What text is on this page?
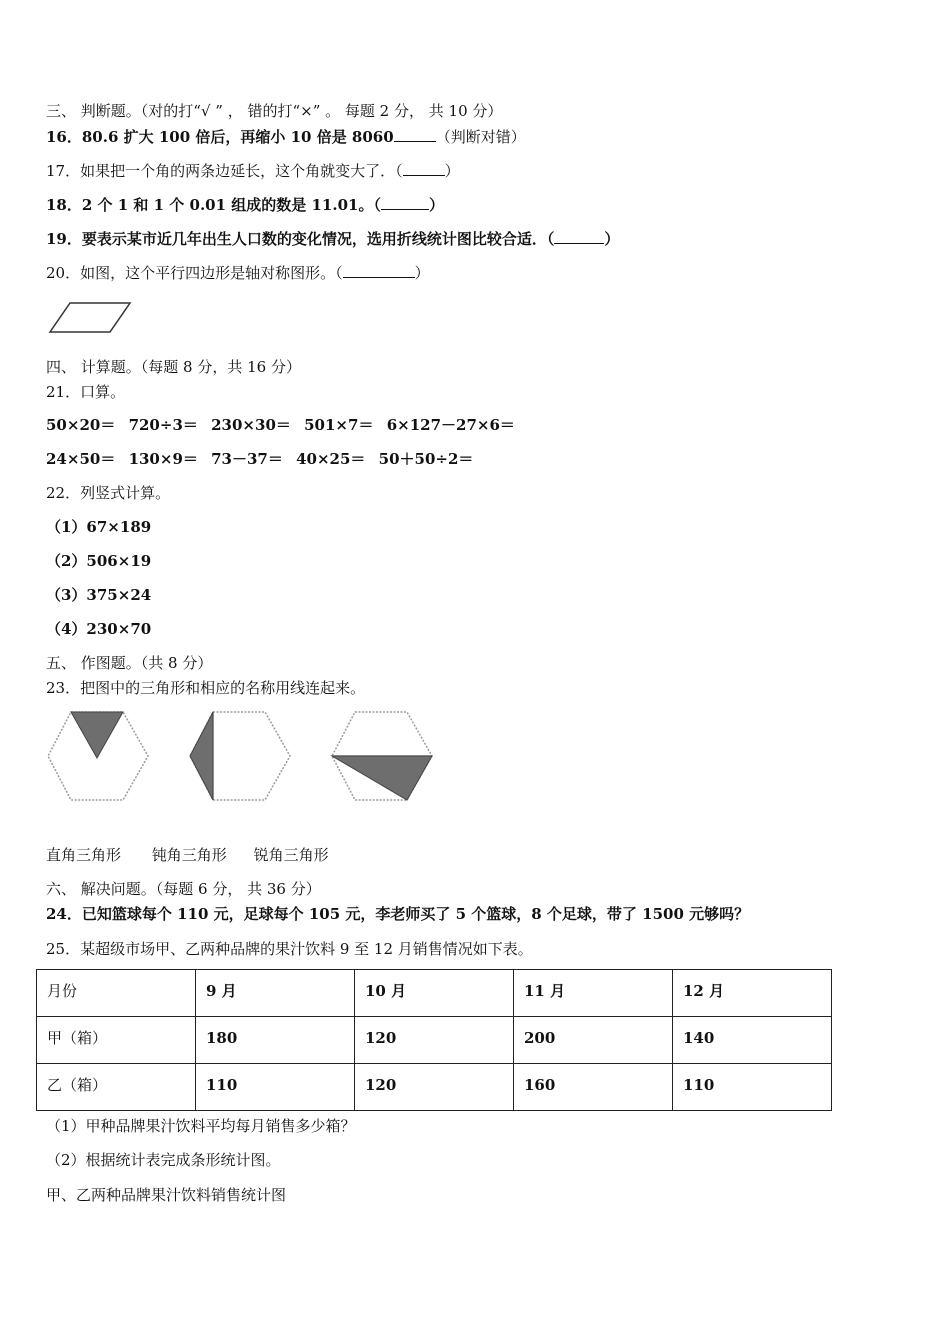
三、 判断题。（对的打“√ ” ， 错的打“×” 。 每题 2 分， 共 10 分）
16．80.6 扩大 100 倍后，再缩小 10 倍是 8060	（判断对错）
17．如果把一个角的两条边延长，这个角就变大了．（	）
18．2 个 1 和 1 个 0.01 组成的数是 11.01。（	）
19．要表示某市近几年出生人口数的变化情况，选用折线统计图比较合适．（	）
20．如图，这个平行四边形是轴对称图形。（	）
四、 计算题。（每题 8 分，共 16 分）
21．口算。
50×20＝ 720÷3＝ 230×30＝ 501×7＝ 6×127－27×6＝
24×50＝ 130×9＝ 73－37＝ 40×25＝ 50＋50÷2＝
22．列竖式计算。
（1）67×189
（2）506×19
（3）375×24
（4）230×70
五、 作图题。（共 8 分）
23．把图中的三角形和相应的名称用线连起来。
直角三角形 钝角三角形 锐角三角形
六、 解决问题。（每题 6 分， 共 36 分）
24．已知篮球每个 110 元，足球每个 105 元，李老师买了 5 个篮球，8 个足球，带了 1500 元够吗？
25．某超级市场甲、乙两种品牌的果汁饮料 9 至 12 月销售情况如下表。
月份	9 月	10 月	11 月	12 月

甲（箱）	180	120	200	140

乙（箱）	110	120	160	110
（1）甲种品牌果汁饮料平均每月销售多少箱？
（2）根据统计表完成条形统计图。
甲、乙两种品牌果汁饮料销售统计图
